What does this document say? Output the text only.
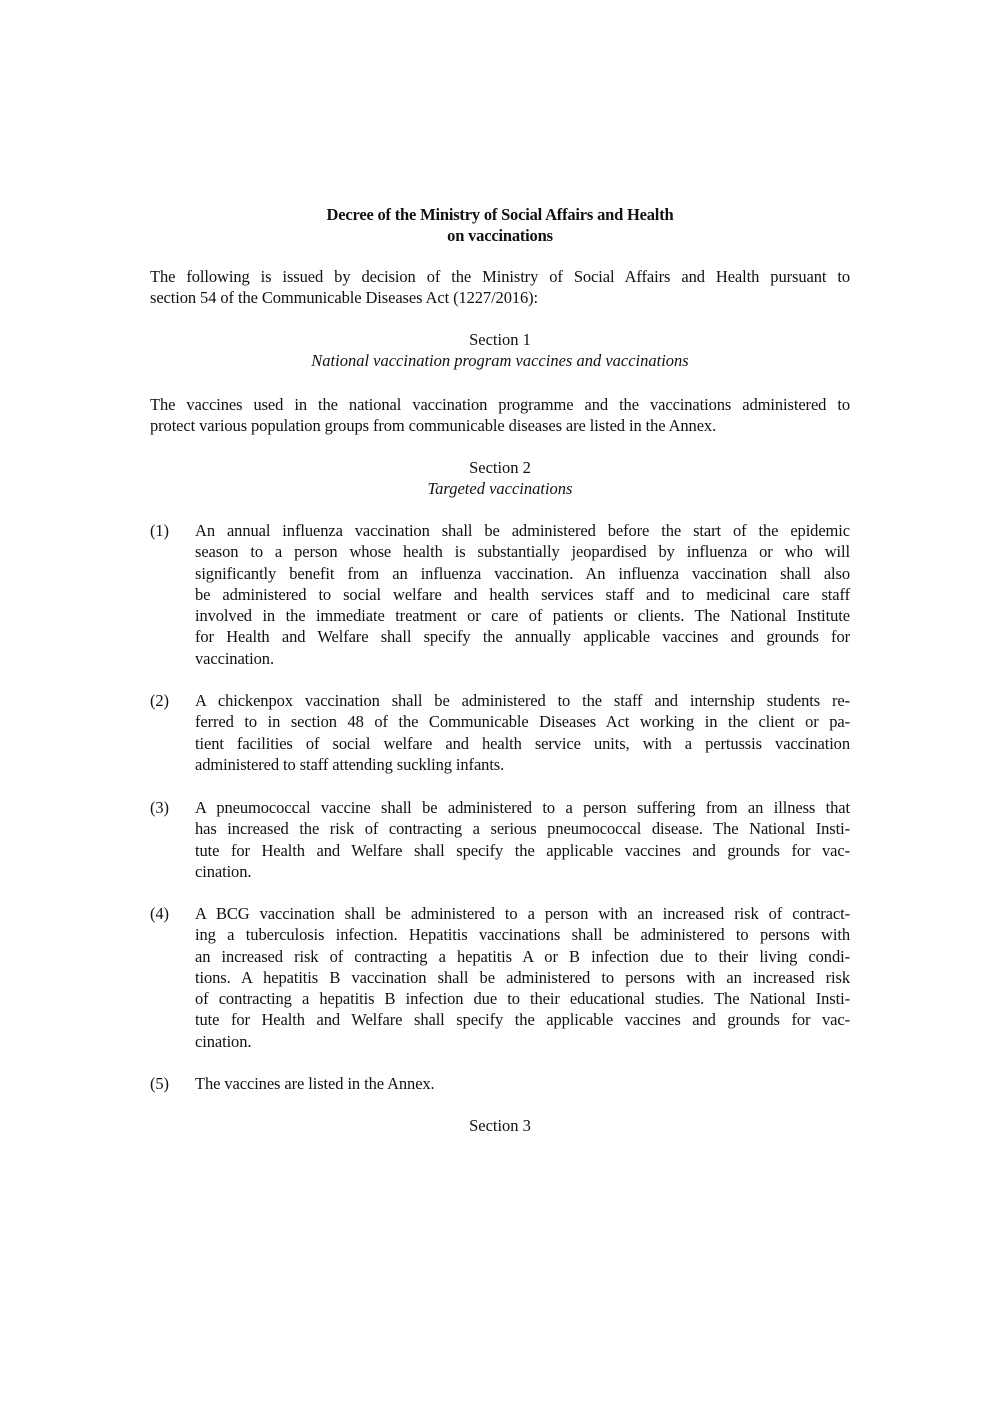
Decree of the Ministry of Social Affairs and Health
on vaccinations
The following is issued by decision of the Ministry of Social Affairs and Health pursuant to
section 54 of the Communicable Diseases Act (1227/2016):
Section 1
National vaccination program vaccines and vaccinations
The vaccines used in the national vaccination programme and the vaccinations administered to
protect various population groups from communicable diseases are listed in the Annex.
Section 2
Targeted vaccinations
(1) An annual influenza vaccination shall be administered before the start of the epidemic
season to a person whose health is substantially jeopardised by influenza or who will
significantly benefit from an influenza vaccination. An influenza vaccination shall also
be administered to social welfare and health services staff and to medicinal care staff
involved in the immediate treatment or care of patients or clients. The National Institute
for Health and Welfare shall specify the annually applicable vaccines and grounds for
vaccination.
(2) A chickenpox vaccination shall be administered to the staff and internship students re-
ferred to in section 48 of the Communicable Diseases Act working in the client or pa-
tient facilities of social welfare and health service units, with a pertussis vaccination
administered to staff attending suckling infants.
(3) A pneumococcal vaccine shall be administered to a person suffering from an illness that
has increased the risk of contracting a serious pneumococcal disease. The National Insti-
tute for Health and Welfare shall specify the applicable vaccines and grounds for vac-
cination.
(4) A BCG vaccination shall be administered to a person with an increased risk of contract-
ing a tuberculosis infection. Hepatitis vaccinations shall be administered to persons with
an increased risk of contracting a hepatitis A or B infection due to their living condi-
tions. A hepatitis B vaccination shall be administered to persons with an increased risk
of contracting a hepatitis B infection due to their educational studies. The National Insti-
tute for Health and Welfare shall specify the applicable vaccines and grounds for vac-
cination.
(5) The vaccines are listed in the Annex.
Section 3
